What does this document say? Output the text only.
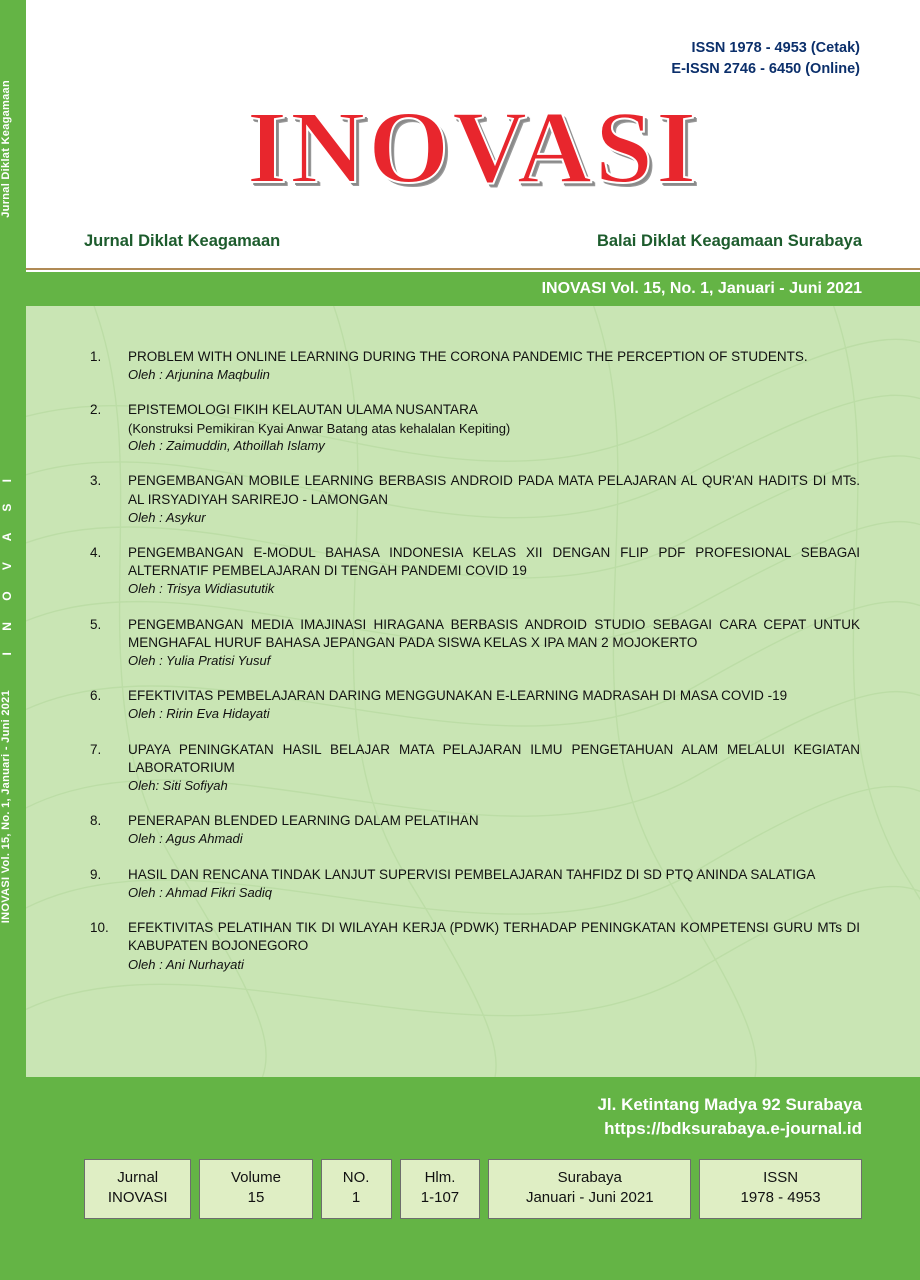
Jurnal Diklat Keagamaan
I N O V A S I
INOVASI Vol. 15, No. 1, Januari - Juni 2021
ISSN 1978 - 4953 (Cetak)
E-ISSN 2746 - 6450 (Online)
INOVASI
Jurnal Diklat Keagamaan	Balai Diklat Keagamaan Surabaya
INOVASI Vol. 15, No. 1, Januari - Juni 2021
1.	PROBLEM WITH ONLINE LEARNING DURING THE CORONA PANDEMIC THE PERCEPTION OF STUDENTS.
Oleh : Arjunina Maqbulin
2.	EPISTEMOLOGI FIKIH KELAUTAN ULAMA NUSANTARA
(Konstruksi Pemikiran Kyai Anwar Batang atas kehalalan Kepiting)
Oleh : Zaimuddin, Athoillah Islamy
3.	PENGEMBANGAN MOBILE LEARNING BERBASIS ANDROID PADA MATA PELAJARAN AL QUR'AN HADITS DI MTs. AL IRSYADIYAH SARIREJO - LAMONGAN
Oleh : Asykur
4.	PENGEMBANGAN E-MODUL BAHASA INDONESIA KELAS XII DENGAN FLIP PDF PROFESIONAL SEBAGAI ALTERNATIF PEMBELAJARAN DI TENGAH PANDEMI COVID 19
Oleh : Trisya Widiasututik
5.	PENGEMBANGAN MEDIA IMAJINASI HIRAGANA BERBASIS ANDROID STUDIO SEBAGAI CARA CEPAT UNTUK MENGHAFAL HURUF BAHASA JEPANGAN PADA SISWA KELAS X IPA MAN 2 MOJOKERTO
Oleh : Yulia Pratisi Yusuf
6.	EFEKTIVITAS PEMBELAJARAN DARING MENGGUNAKAN E-LEARNING MADRASAH DI MASA COVID -19
Oleh : Ririn Eva Hidayati
7.	UPAYA PENINGKATAN HASIL BELAJAR MATA PELAJARAN ILMU PENGETAHUAN ALAM MELALUI KEGIATAN LABORATORIUM
Oleh: Siti Sofiyah
8.	PENERAPAN BLENDED LEARNING DALAM PELATIHAN
Oleh : Agus Ahmadi
9.	HASIL DAN RENCANA TINDAK LANJUT SUPERVISI PEMBELAJARAN TAHFIDZ DI SD PTQ ANINDA SALATIGA
Oleh : Ahmad Fikri Sadiq
10.	EFEKTIVITAS PELATIHAN TIK DI WILAYAH KERJA (PDWK) TERHADAP PENINGKATAN KOMPETENSI GURU MTs DI KABUPATEN BOJONEGORO
Oleh : Ani Nurhayati
Jl. Ketintang Madya 92 Surabaya
https://bdksurabaya.e-journal.id
Jurnal
INOVASI
Volume
15
NO.
1
Hlm.
1-107
Surabaya
Januari - Juni 2021
ISSN
1978 - 4953
